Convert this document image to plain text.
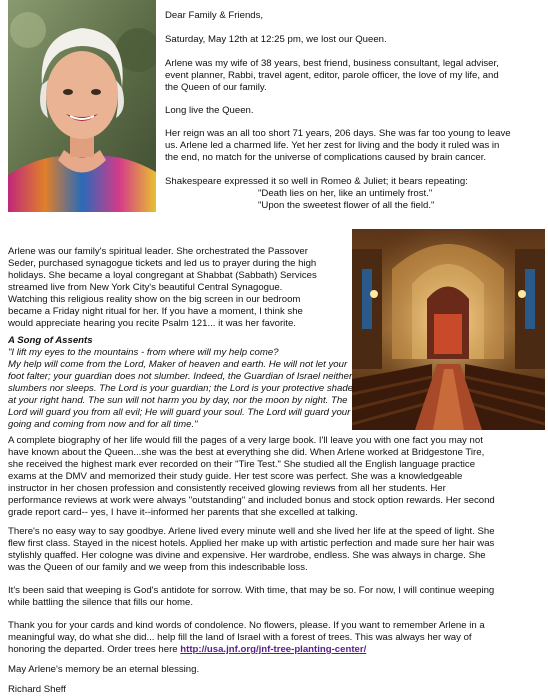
Dear Family & Friends,
Saturday, May 12th at 12:25 pm, we lost our Queen.
Arlene was my wife of 38 years, best friend, business consultant, legal adviser,
event planner, Rabbi, travel agent, editor, parole officer, the love of my life, and
the Queen of our family.
Long live the Queen.
Her reign was an all too short 71 years, 206 days. She was far too young to leave
us. Arlene led a charmed life. Yet her zest for living and the body it ruled was in
the end, no match for the universe of complications caused by brain cancer.
Shakespeare expressed it so well in Romeo & Juliet; it bears repeating:
"Death lies on her, like an untimely frost."
"Upon the sweetest flower of all the field."
Arlene was our family's spiritual leader. She orchestrated the Passover
Seder, purchased synagogue tickets and led us to prayer during the high
holidays. She became a loyal congregant at Shabbat (Sabbath) Services
streamed live from New York City's beautiful Central Synagogue.
Watching this religious reality show on the big screen in our bedroom
became a Friday night ritual for her. If you have a moment, I think she
would appreciate hearing you recite Psalm 121... it was her favorite.
A Song of Assents
"I lift my eyes to the mountains - from where will my help come?
My help will come from the Lord, Maker of heaven and earth. He will not let your
foot falter; your guardian does not slumber. Indeed, the Guardian of Israel neither
slumbers nor sleeps. The Lord is your guardian; the Lord is your protective shade
at your right hand. The sun will not harm you by day, nor the moon by night. The
Lord will guard you from all evil; He will guard your soul. The Lord will guard your
going and coming from now and for all time."
A complete biography of her life would fill the pages of a very large book. I'll leave you with one fact you may not
have known about the Queen...she was the best at everything she did. When Arlene worked at Bridgestone Tire,
she received the highest mark ever recorded on their "Tire Test." She studied all the English language practice
exams at the DMV and memorized their study guide. Her test score was perfect. She was a knowledgeable
instructor in her chosen profession and consistently received glowing reviews from all her students. Her
performance reviews at work were always "outstanding" and included bonus and stock option rewards. Her second
grade report card-- yes, I have it--informed her parents that she excelled at talking.
There's no easy way to say goodbye. Arlene lived every minute well and she lived her life at the speed of light. She
flew first class. Stayed in the nicest hotels. Applied her make up with artistic perfection and made sure her hair was
stylishly quaffed. Her cologne was divine and expensive. Her wardrobe, endless. She was always in charge. She
was the Queen of our family and we weep from this indescribable loss.
It's been said that weeping is God's antidote for sorrow. With time, that may be so. For now, I will continue weeping
while battling the silence that fills our home.
Thank you for your cards and kind words of condolence. No flowers, please. If you want to remember Arlene in a
meaningful way, do what she did... help fill the land of Israel with a forest of trees. This was always her way of
honoring the departed. Order trees here http://usa.jnf.org/jnf-tree-planting-center/
May Arlene's memory be an eternal blessing.
Richard Sheff
